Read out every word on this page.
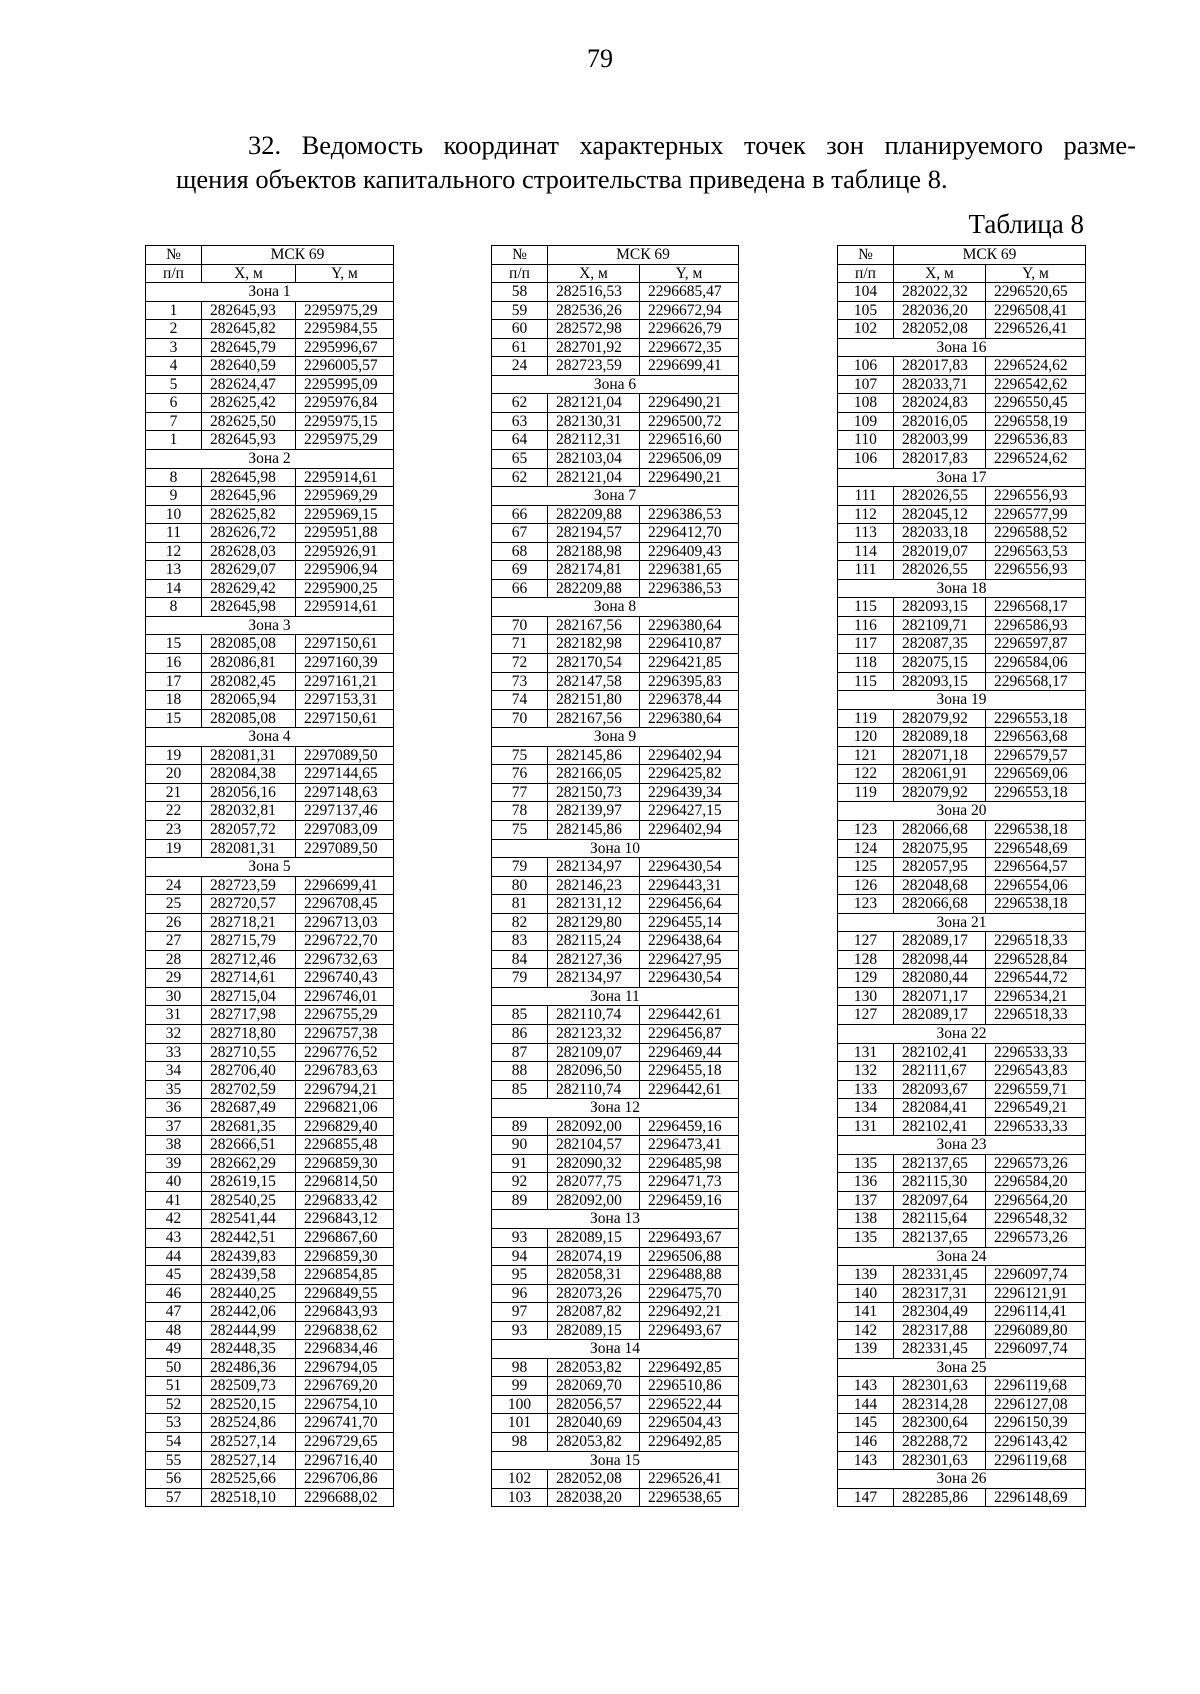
79
32. Ведомость координат характерных точек зон планируемого разме-
щения объектов капитального строительства приведена в таблице 8.
Таблица 8
№	МСК 69	
п/п	X, м	Y, м
Зона 1		
1	282645,93	2295975,29
2	282645,82	2295984,55
3	282645,79	2295996,67
4	282640,59	2296005,57
5	282624,47	2295995,09
6	282625,42	2295976,84
7	282625,50	2295975,15
1	282645,93	2295975,29
Зона 2		
8	282645,98	2295914,61
9	282645,96	2295969,29
10	282625,82	2295969,15
11	282626,72	2295951,88
12	282628,03	2295926,91
13	282629,07	2295906,94
14	282629,42	2295900,25
8	282645,98	2295914,61
Зона 3		
15	282085,08	2297150,61
16	282086,81	2297160,39
17	282082,45	2297161,21
18	282065,94	2297153,31
15	282085,08	2297150,61
Зона 4		
19	282081,31	2297089,50
20	282084,38	2297144,65
21	282056,16	2297148,63
22	282032,81	2297137,46
23	282057,72	2297083,09
19	282081,31	2297089,50
Зона 5		
24	282723,59	2296699,41
25	282720,57	2296708,45
26	282718,21	2296713,03
27	282715,79	2296722,70
28	282712,46	2296732,63
29	282714,61	2296740,43
30	282715,04	2296746,01
31	282717,98	2296755,29
32	282718,80	2296757,38
33	282710,55	2296776,52
34	282706,40	2296783,63
35	282702,59	2296794,21
36	282687,49	2296821,06
37	282681,35	2296829,40
38	282666,51	2296855,48
39	282662,29	2296859,30
40	282619,15	2296814,50
41	282540,25	2296833,42
42	282541,44	2296843,12
43	282442,51	2296867,60
44	282439,83	2296859,30
45	282439,58	2296854,85
46	282440,25	2296849,55
47	282442,06	2296843,93
48	282444,99	2296838,62
49	282448,35	2296834,46
50	282486,36	2296794,05
51	282509,73	2296769,20
52	282520,15	2296754,10
53	282524,86	2296741,70
54	282527,14	2296729,65
55	282527,14	2296716,40
56	282525,66	2296706,86
57	282518,10	2296688,02
№	МСК 69	
п/п	X, м	Y, м
58	282516,53	2296685,47
59	282536,26	2296672,94
60	282572,98	2296626,79
61	282701,92	2296672,35
24	282723,59	2296699,41
Зона 6		
62	282121,04	2296490,21
63	282130,31	2296500,72
64	282112,31	2296516,60
65	282103,04	2296506,09
62	282121,04	2296490,21
Зона 7		
66	282209,88	2296386,53
67	282194,57	2296412,70
68	282188,98	2296409,43
69	282174,81	2296381,65
66	282209,88	2296386,53
Зона 8		
70	282167,56	2296380,64
71	282182,98	2296410,87
72	282170,54	2296421,85
73	282147,58	2296395,83
74	282151,80	2296378,44
70	282167,56	2296380,64
Зона 9		
75	282145,86	2296402,94
76	282166,05	2296425,82
77	282150,73	2296439,34
78	282139,97	2296427,15
75	282145,86	2296402,94
Зона 10		
79	282134,97	2296430,54
80	282146,23	2296443,31
81	282131,12	2296456,64
82	282129,80	2296455,14
83	282115,24	2296438,64
84	282127,36	2296427,95
79	282134,97	2296430,54
Зона 11		
85	282110,74	2296442,61
86	282123,32	2296456,87
87	282109,07	2296469,44
88	282096,50	2296455,18
85	282110,74	2296442,61
Зона 12		
89	282092,00	2296459,16
90	282104,57	2296473,41
91	282090,32	2296485,98
92	282077,75	2296471,73
89	282092,00	2296459,16
Зона 13		
93	282089,15	2296493,67
94	282074,19	2296506,88
95	282058,31	2296488,88
96	282073,26	2296475,70
97	282087,82	2296492,21
93	282089,15	2296493,67
Зона 14		
98	282053,82	2296492,85
99	282069,70	2296510,86
100	282056,57	2296522,44
101	282040,69	2296504,43
98	282053,82	2296492,85
Зона 15		
102	282052,08	2296526,41
103	282038,20	2296538,65
№	МСК 69	
п/п	X, м	Y, м
104	282022,32	2296520,65
105	282036,20	2296508,41
102	282052,08	2296526,41
Зона 16		
106	282017,83	2296524,62
107	282033,71	2296542,62
108	282024,83	2296550,45
109	282016,05	2296558,19
110	282003,99	2296536,83
106	282017,83	2296524,62
Зона 17		
111	282026,55	2296556,93
112	282045,12	2296577,99
113	282033,18	2296588,52
114	282019,07	2296563,53
111	282026,55	2296556,93
Зона 18		
115	282093,15	2296568,17
116	282109,71	2296586,93
117	282087,35	2296597,87
118	282075,15	2296584,06
115	282093,15	2296568,17
Зона 19		
119	282079,92	2296553,18
120	282089,18	2296563,68
121	282071,18	2296579,57
122	282061,91	2296569,06
119	282079,92	2296553,18
Зона 20		
123	282066,68	2296538,18
124	282075,95	2296548,69
125	282057,95	2296564,57
126	282048,68	2296554,06
123	282066,68	2296538,18
Зона 21		
127	282089,17	2296518,33
128	282098,44	2296528,84
129	282080,44	2296544,72
130	282071,17	2296534,21
127	282089,17	2296518,33
Зона 22		
131	282102,41	2296533,33
132	282111,67	2296543,83
133	282093,67	2296559,71
134	282084,41	2296549,21
131	282102,41	2296533,33
Зона 23		
135	282137,65	2296573,26
136	282115,30	2296584,20
137	282097,64	2296564,20
138	282115,64	2296548,32
135	282137,65	2296573,26
Зона 24		
139	282331,45	2296097,74
140	282317,31	2296121,91
141	282304,49	2296114,41
142	282317,88	2296089,80
139	282331,45	2296097,74
Зона 25		
143	282301,63	2296119,68
144	282314,28	2296127,08
145	282300,64	2296150,39
146	282288,72	2296143,42
143	282301,63	2296119,68
Зона 26		
147	282285,86	2296148,69
